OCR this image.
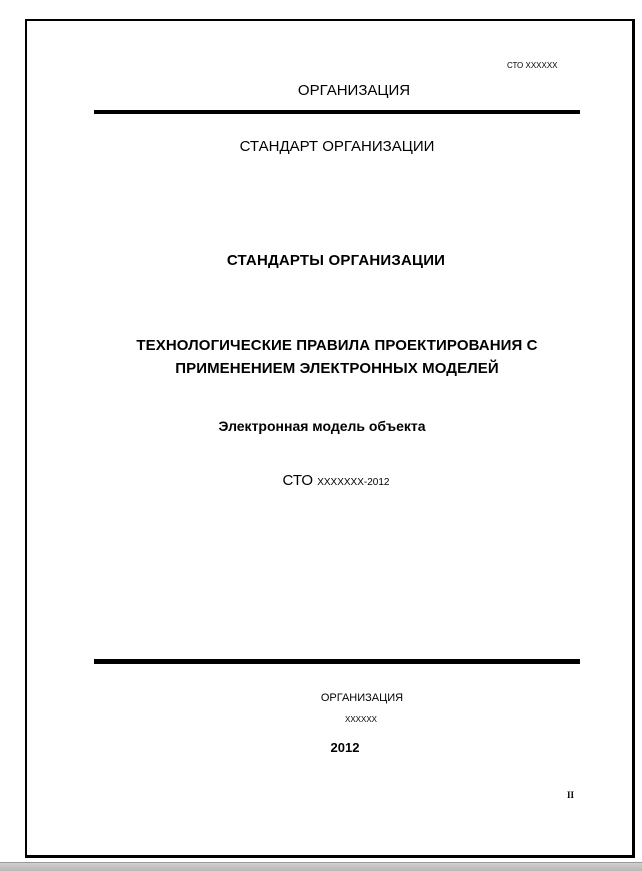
СТО XXXXXX
ОРГАНИЗАЦИЯ
СТАНДАРТ ОРГАНИЗАЦИИ
СТАНДАРТЫ ОРГАНИЗАЦИИ
ТЕХНОЛОГИЧЕСКИЕ ПРАВИЛА ПРОЕКТИРОВАНИЯ С
ПРИМЕНЕНИЕМ ЭЛЕКТРОННЫХ МОДЕЛЕЙ
Электронная модель объекта
СТО XXXXXXX-2012
ОРГАНИЗАЦИЯ
XXXXXX
2012
II
